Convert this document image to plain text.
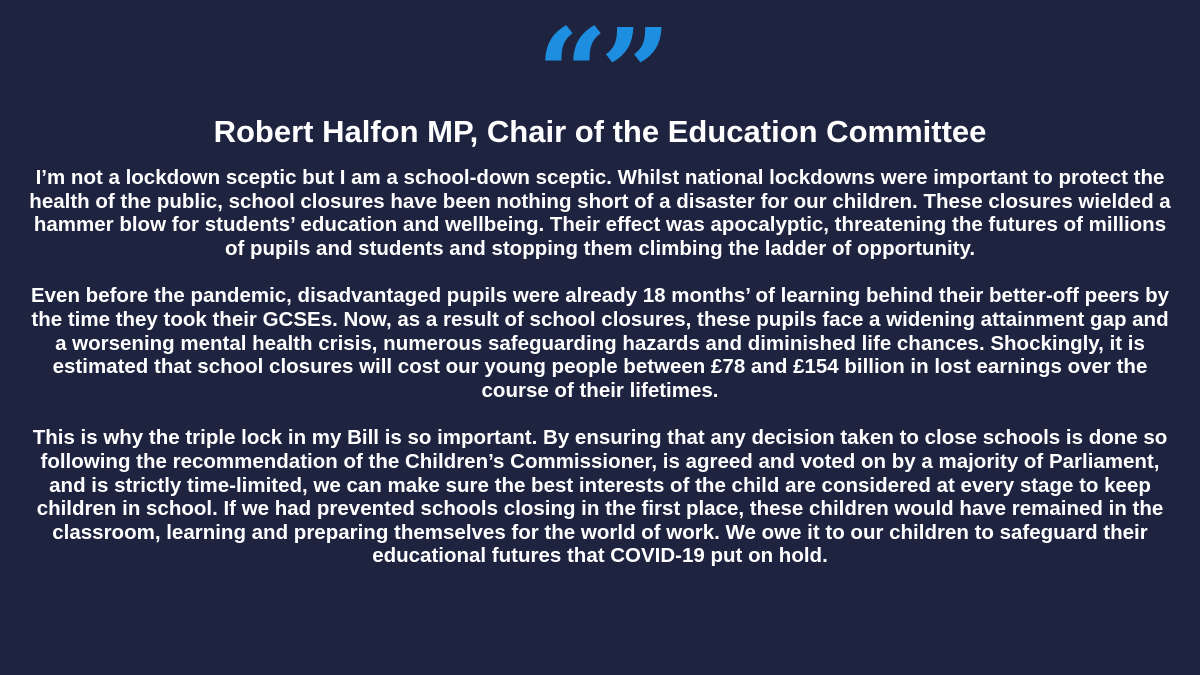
“”
Robert Halfon MP, Chair of the Education Committee

I’m not a lockdown sceptic but I am a school-down sceptic. Whilst national lockdowns were important to protect the health of the public, school closures have been nothing short of a disaster for our children. These closures wielded a hammer blow for students’ education and wellbeing. Their effect was apocalyptic, threatening the futures of millions of pupils and students and stopping them climbing the ladder of opportunity.

Even before the pandemic, disadvantaged pupils were already 18 months’ of learning behind their better-off peers by the time they took their GCSEs. Now, as a result of school closures, these pupils face a widening attainment gap and a worsening mental health crisis, numerous safeguarding hazards and diminished life chances. Shockingly, it is estimated that school closures will cost our young people between £78 and £154 billion in lost earnings over the course of their lifetimes.

This is why the triple lock in my Bill is so important. By ensuring that any decision taken to close schools is done so following the recommendation of the Children’s Commissioner, is agreed and voted on by a majority of Parliament, and is strictly time-limited, we can make sure the best interests of the child are considered at every stage to keep children in school. If we had prevented schools closing in the first place, these children would have remained in the classroom, learning and preparing themselves for the world of work. We owe it to our children to safeguard their educational futures that COVID-19 put on hold.
